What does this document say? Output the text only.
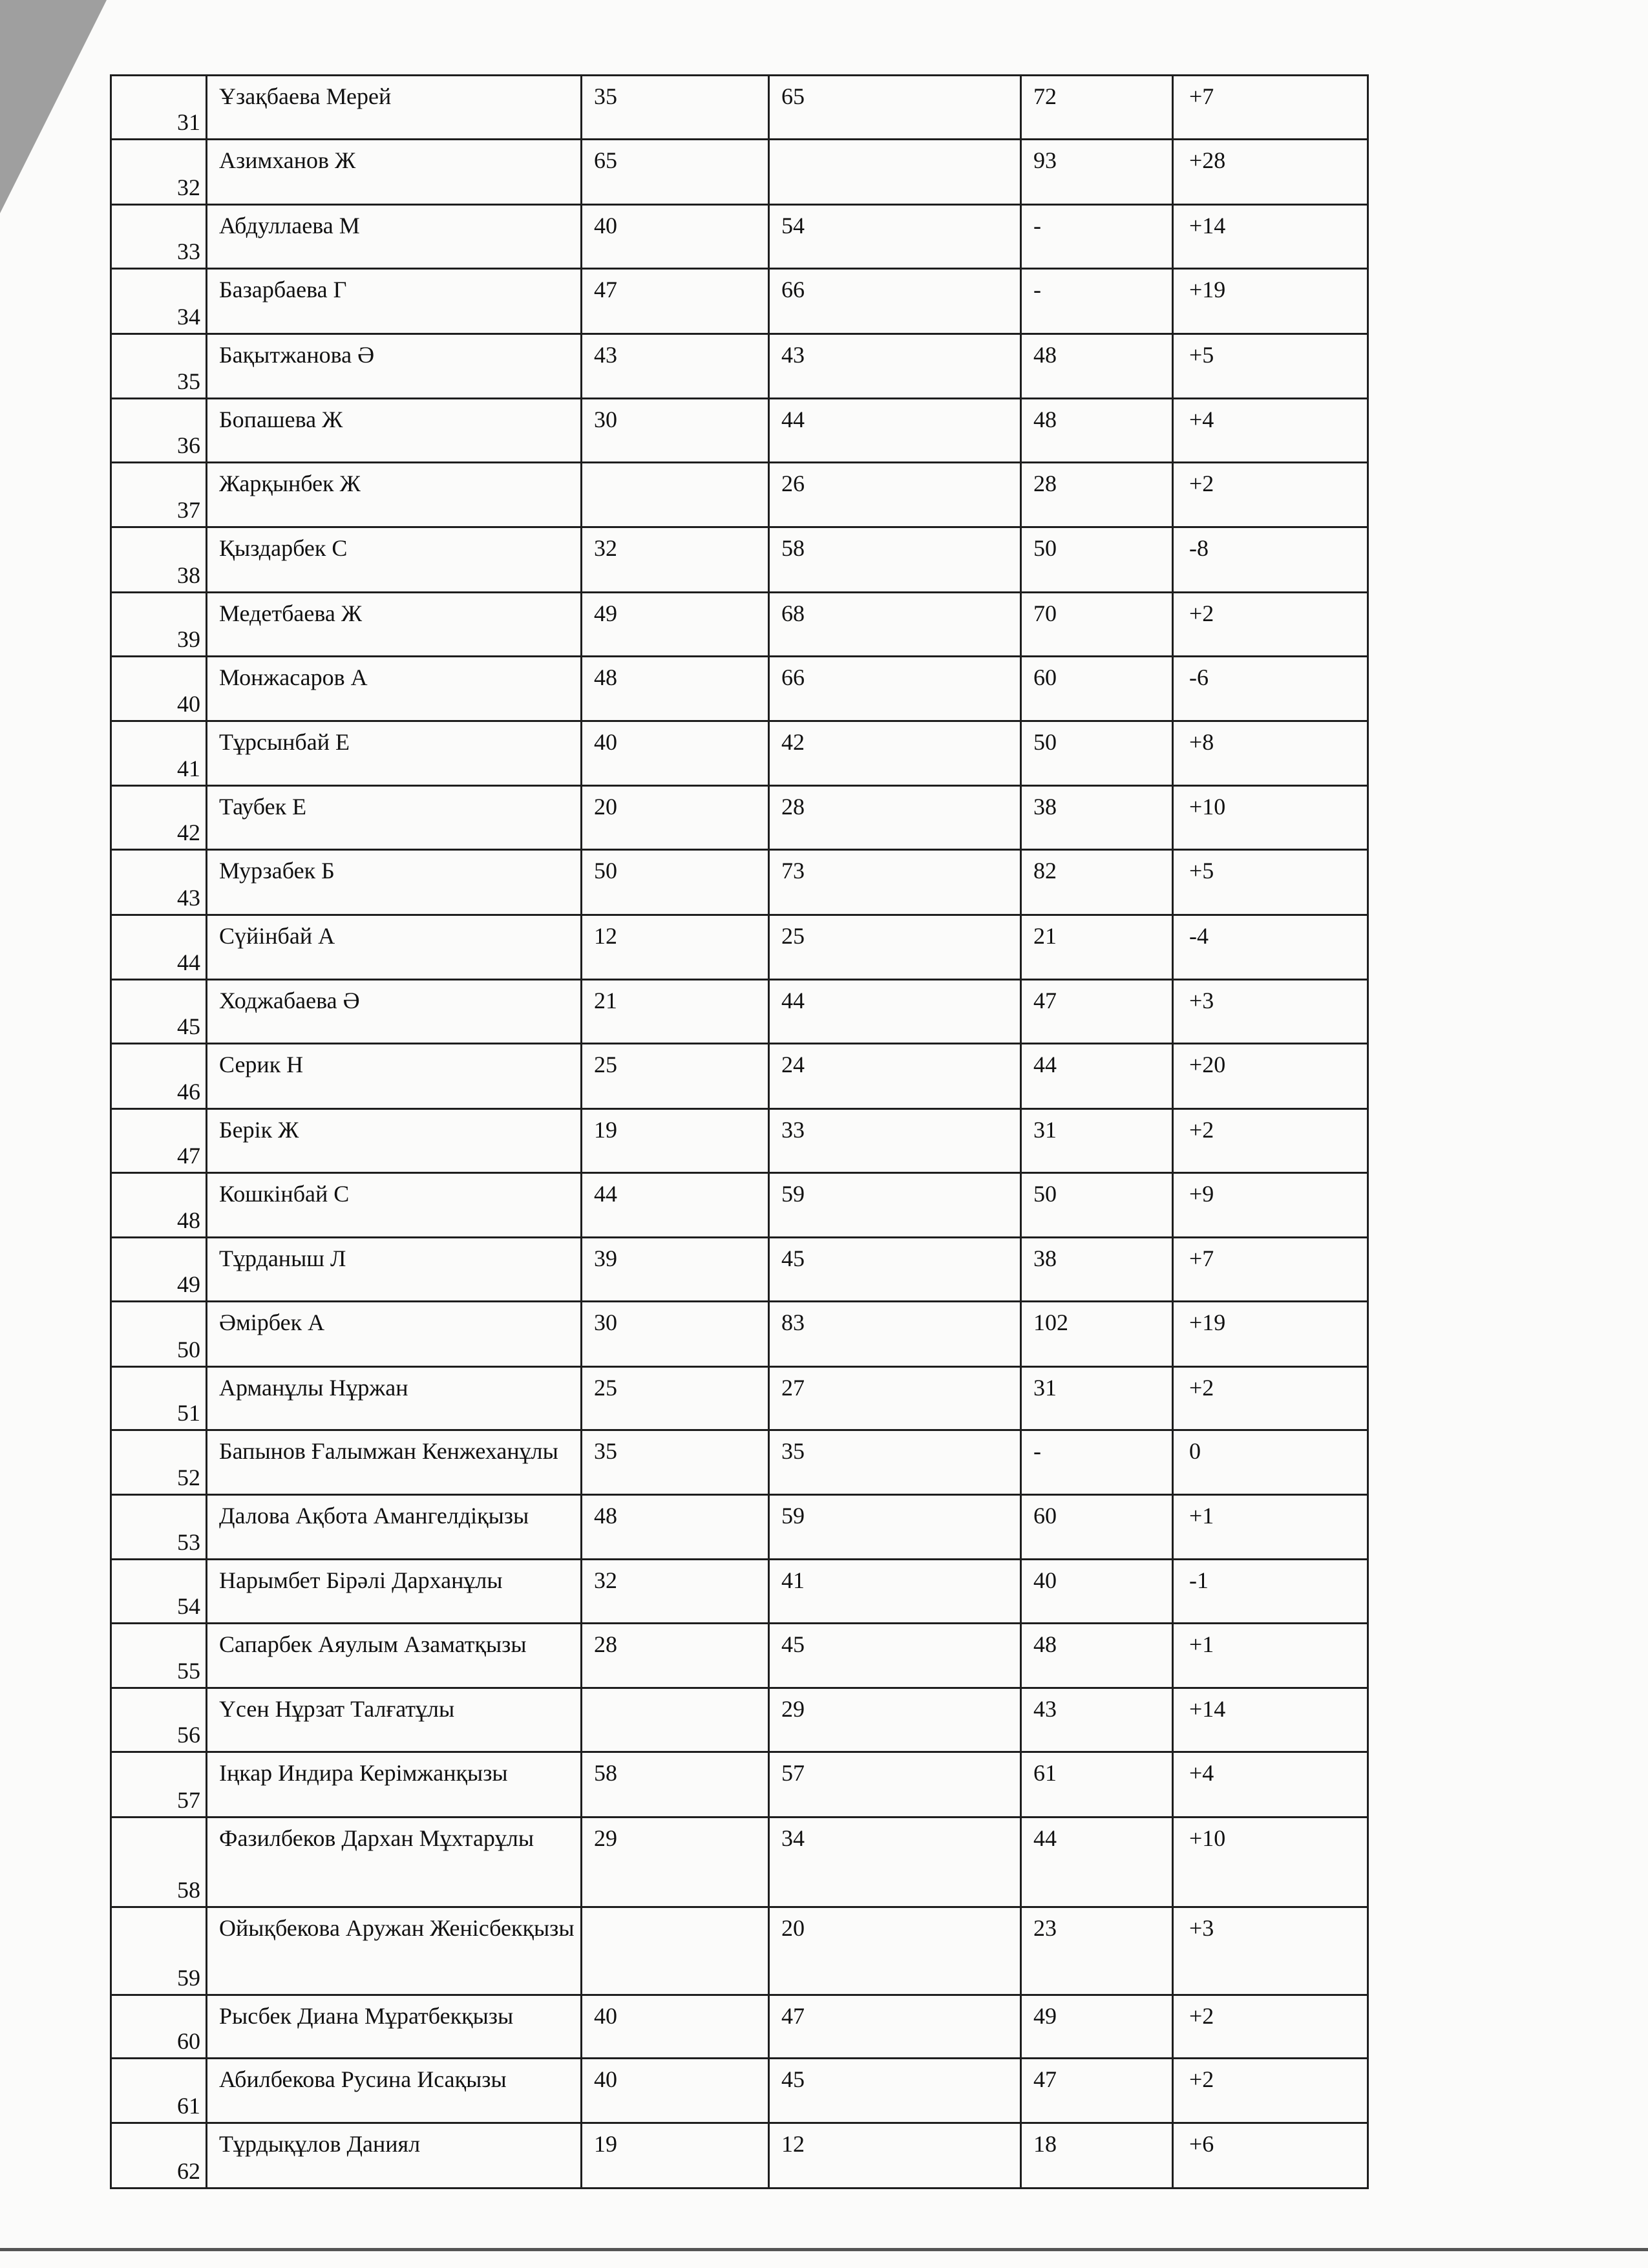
31	Ұзақбаева Мерей	35	65	72	+7
32	Азимханов Ж	65		93	+28
33	Абдуллаева М	40	54	-	+14
34	Базарбаева Г	47	66	-	+19
35	Бақытжанова Ә	43	43	48	+5
36	Бопашева Ж	30	44	48	+4
37	Жарқынбек Ж		26	28	+2
38	Қыздарбек С	32	58	50	-8
39	Медетбаева Ж	49	68	70	+2
40	Монжасаров А	48	66	60	-6
41	Тұрсынбай Е	40	42	50	+8
42	Таубек Е	20	28	38	+10
43	Мурзабек Б	50	73	82	+5
44	Сүйінбай А	12	25	21	-4
45	Ходжабаева Ә	21	44	47	+3
46	Серик Н	25	24	44	+20
47	Берік Ж	19	33	31	+2
48	Кошкінбай С	44	59	50	+9
49	Тұрданыш Л	39	45	38	+7
50	Әмірбек А	30	83	102	+19
51	Арманұлы Нұржан	25	27	31	+2
52	Бапынов Ғалымжан Кенжеханұлы	35	35	-	0
53	Далова Ақбота Амангелдіқызы	48	59	60	+1
54	Нарымбет Бірәлі Дарханұлы	32	41	40	-1
55	Сапарбек Аяулым Азаматқызы	28	45	48	+1
56	Үсен Нұрзат Талғатұлы		29	43	+14
57	Іңкар Индира Керімжанқызы	58	57	61	+4
58	Фазилбеков Дархан Мұхтарұлы	29	34	44	+10
59	Ойықбекова Аружан Женісбекқызы		20	23	+3
60	Рысбек Диана Мұратбекқызы	40	47	49	+2
61	Абилбекова Русина Исақызы	40	45	47	+2
62	Тұрдықұлов Даниял	19	12	18	+6
